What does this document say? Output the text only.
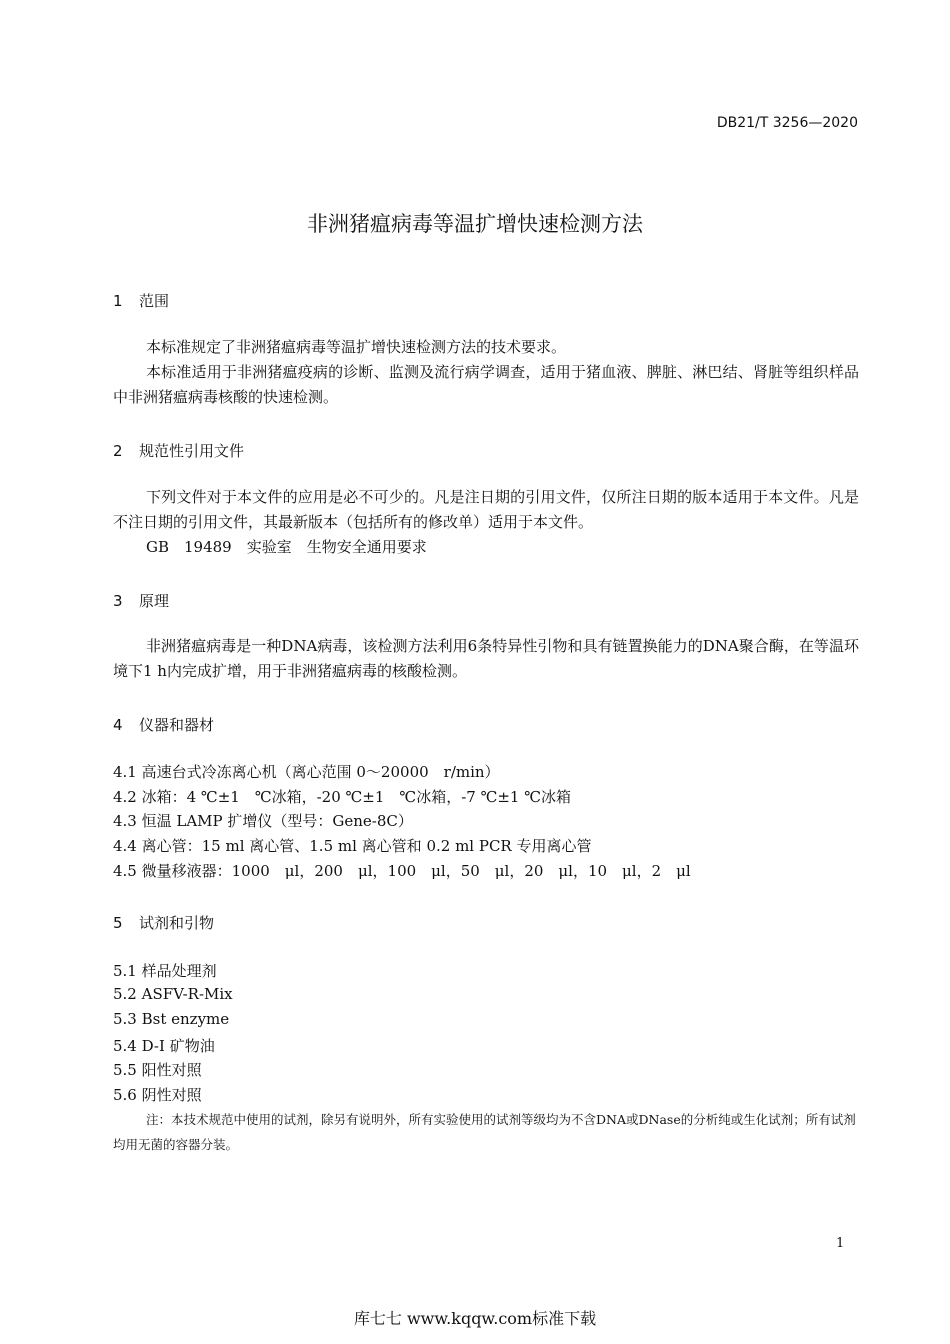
DB21/T 3256—2020
非洲猪瘟病毒等温扩增快速检测方法
1 范围
本标准规定了非洲猪瘟病毒等温扩增快速检测方法的技术要求。
本标准适用于非洲猪瘟疫病的诊断、监测及流行病学调查，适用于猪血液、脾脏、淋巴结、肾脏等组织样品中非洲猪瘟病毒核酸的快速检测。
2 规范性引用文件
下列文件对于本文件的应用是必不可少的。凡是注日期的引用文件，仅所注日期的版本适用于本文件。凡是不注日期的引用文件，其最新版本（包括所有的修改单）适用于本文件。
GB　19489　实验室　生物安全通用要求
3 原理
非洲猪瘟病毒是一种DNA病毒，该检测方法利用6条特异性引物和具有链置换能力的DNA聚合酶，在等温环境下1 h内完成扩增，用于非洲猪瘟病毒的核酸检测。
4 仪器和器材
4.1 高速台式冷冻离心机（离心范围 0～20000　r/min）
4.2 冰箱：4 ℃±1　℃冰箱，-20 ℃±1　℃冰箱，-7 ℃±1 ℃冰箱
4.3 恒温 LAMP 扩增仪（型号：Gene-8C）
4.4 离心管：15 ml 离心管、1.5 ml 离心管和 0.2 ml PCR 专用离心管
4.5 微量移液器：1000　μl，200　μl，100　μl，50　μl，20　μl，10　μl，2　μl
5 试剂和引物
5.1 样品处理剂
5.2 ASFV-R-Mix
5.3 Bst enzyme
5.4 D-I 矿物油
5.5 阳性对照
5.6 阴性对照
注：本技术规范中使用的试剂，除另有说明外，所有实验使用的试剂等级均为不含DNA或DNase的分析纯或生化试剂；所有试剂均用无菌的容器分装。
1
库七七 www.kqqw.com标准下载
